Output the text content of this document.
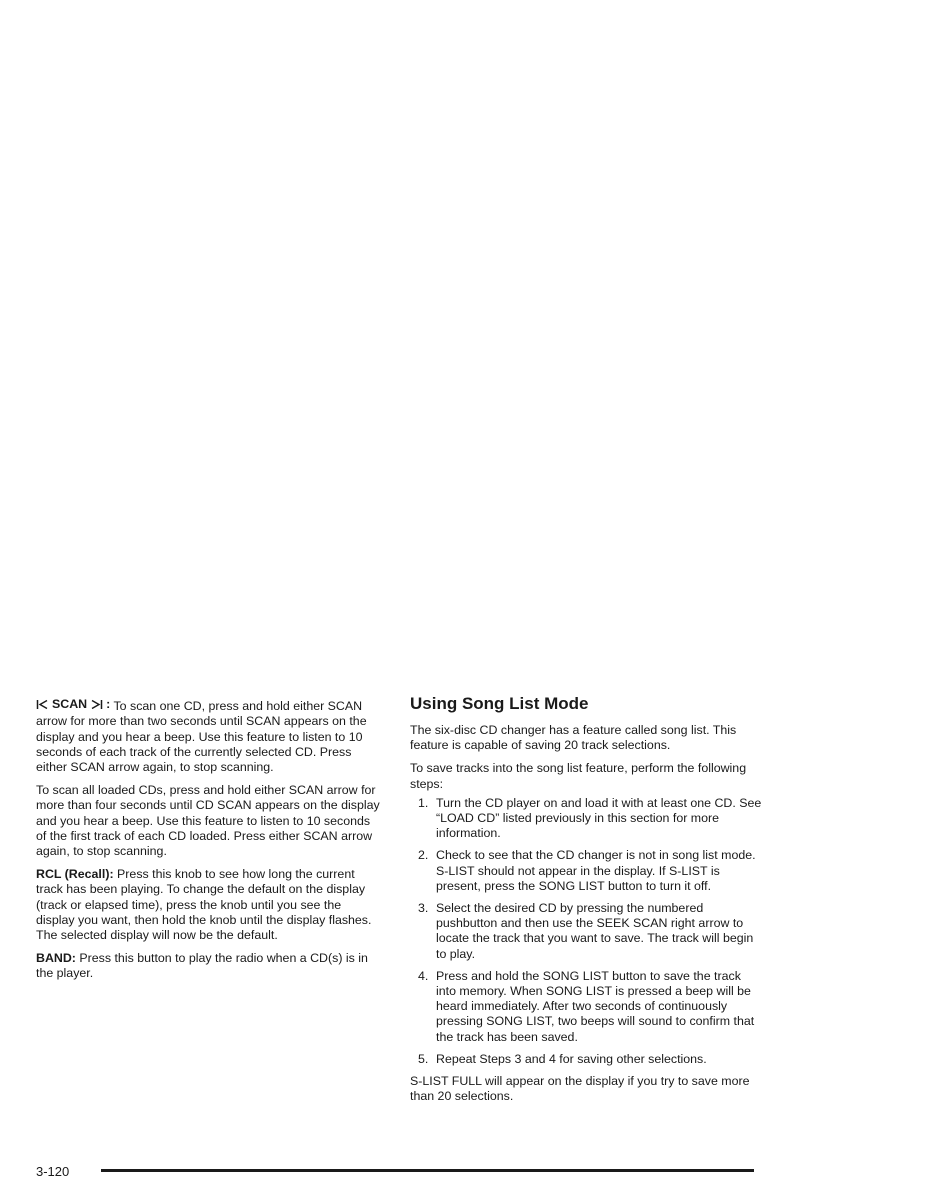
SCAN : To scan one CD, press and hold either SCAN arrow for more than two seconds until SCAN appears on the display and you hear a beep. Use this feature to listen to 10 seconds of each track of the currently selected CD. Press either SCAN arrow again, to stop scanning.

To scan all loaded CDs, press and hold either SCAN arrow for more than four seconds until CD SCAN appears on the display and you hear a beep. Use this feature to listen to 10 seconds of the first track of each CD loaded. Press either SCAN arrow again, to stop scanning.

RCL (Recall): Press this knob to see how long the current track has been playing. To change the default on the display (track or elapsed time), press the knob until you see the display you want, then hold the knob until the display flashes. The selected display will now be the default.

BAND: Press this button to play the radio when a CD(s) is in the player.

Using Song List Mode

The six-disc CD changer has a feature called song list. This feature is capable of saving 20 track selections.

To save tracks into the song list feature, perform the following steps:

1. Turn the CD player on and load it with at least one CD. See “LOAD CD” listed previously in this section for more information.
2. Check to see that the CD changer is not in song list mode. S-LIST should not appear in the display. If S-LIST is present, press the SONG LIST button to turn it off.
3. Select the desired CD by pressing the numbered pushbutton and then use the SEEK SCAN right arrow to locate the track that you want to save. The track will begin to play.
4. Press and hold the SONG LIST button to save the track into memory. When SONG LIST is pressed a beep will be heard immediately. After two seconds of continuously pressing SONG LIST, two beeps will sound to confirm that the track has been saved.
5. Repeat Steps 3 and 4 for saving other selections.

S-LIST FULL will appear on the display if you try to save more than 20 selections.

3-120
